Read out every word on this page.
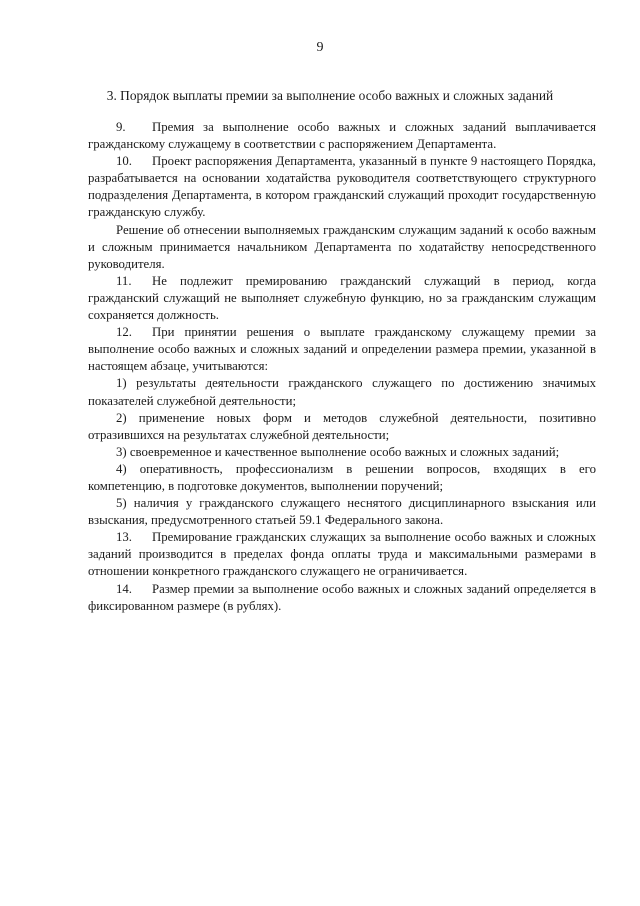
9
3. Порядок выплаты премии за выполнение особо важных и сложных заданий

9. Премия за выполнение особо важных и сложных заданий выплачивается гражданскому служащему в соответствии с распоряжением Департамента.

10. Проект распоряжения Департамента, указанный в пункте 9 настоящего Порядка, разрабатывается на основании ходатайства руководителя соответствующего структурного подразделения Департамента, в котором гражданский служащий проходит государственную гражданскую службу.

Решение об отнесении выполняемых гражданским служащим заданий к особо важным и сложным принимается начальником Департамента по ходатайству непосредственного руководителя.

11. Не подлежит премированию гражданский служащий в период, когда гражданский служащий не выполняет служебную функцию, но за гражданским служащим сохраняется должность.

12. При принятии решения о выплате гражданскому служащему премии за выполнение особо важных и сложных заданий и определении размера премии, указанной в настоящем абзаце, учитываются:

1) результаты деятельности гражданского служащего по достижению значимых показателей служебной деятельности;

2) применение новых форм и методов служебной деятельности, позитивно отразившихся на результатах служебной деятельности;

3) своевременное и качественное выполнение особо важных и сложных заданий;

4) оперативность, профессионализм в решении вопросов, входящих в его компетенцию, в подготовке документов, выполнении поручений;

5) наличия у гражданского служащего неснятого дисциплинарного взыскания или взыскания, предусмотренного статьей 59.1 Федерального закона.

13. Премирование гражданских служащих за выполнение особо важных и сложных заданий производится в пределах фонда оплаты труда и максимальными размерами в отношении конкретного гражданского служащего не ограничивается.

14. Размер премии за выполнение особо важных и сложных заданий определяется в фиксированном размере (в рублях).
